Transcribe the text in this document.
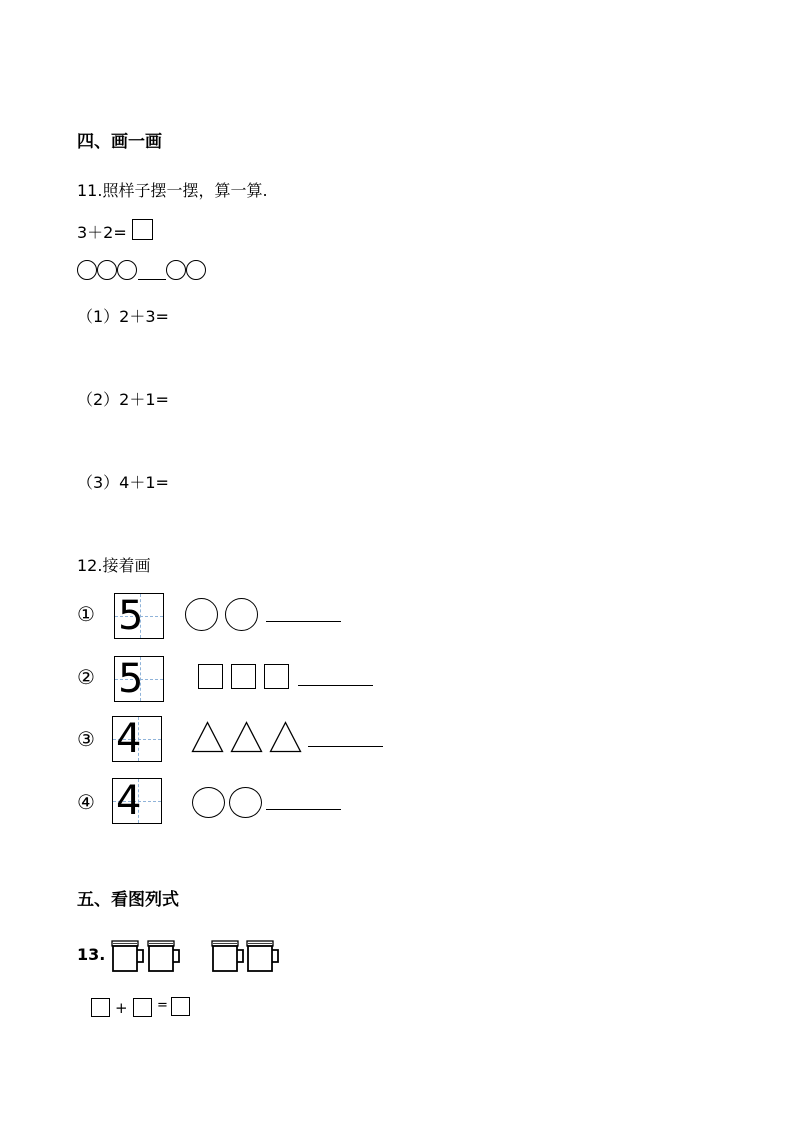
四、画一画
11.照样子摆一摆，算一算.
3＋2=
（1）2＋3=
（2）2＋1=
（3）4＋1=
12.接着画
① 5
② 5
③ 4
④ 4
五、看图列式
13.
+ =
